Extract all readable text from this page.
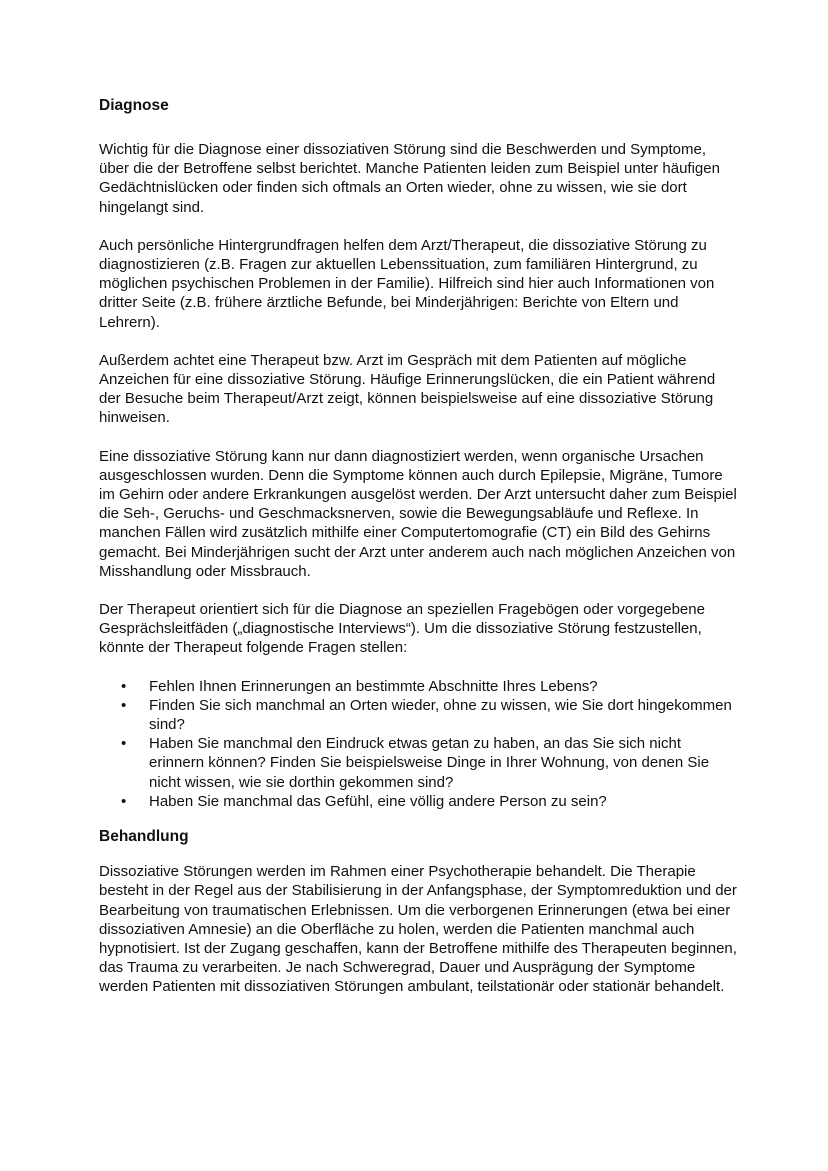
Diagnose

Wichtig für die Diagnose einer dissoziativen Störung sind die Beschwerden und Symptome, über die der Betroffene selbst berichtet. Manche Patienten leiden zum Beispiel unter häufigen Gedächtnislücken oder finden sich oftmals an Orten wieder, ohne zu wissen, wie sie dort hingelangt sind.

Auch persönliche Hintergrundfragen helfen dem Arzt/Therapeut, die dissoziative Störung zu diagnostizieren (z.B. Fragen zur aktuellen Lebenssituation, zum familiären Hintergrund, zu möglichen psychischen Problemen in der Familie). Hilfreich sind hier auch Informationen von dritter Seite (z.B. frühere ärztliche Befunde, bei Minderjährigen: Berichte von Eltern und Lehrern).

Außerdem achtet eine Therapeut bzw. Arzt im Gespräch mit dem Patienten auf mögliche Anzeichen für eine dissoziative Störung. Häufige Erinnerungslücken, die ein Patient während der Besuche beim Therapeut/Arzt zeigt, können beispielsweise auf eine dissoziative Störung hinweisen.

Eine dissoziative Störung kann nur dann diagnostiziert werden, wenn organische Ursachen ausgeschlossen wurden. Denn die Symptome können auch durch Epilepsie, Migräne, Tumore im Gehirn oder andere Erkrankungen ausgelöst werden. Der Arzt untersucht daher zum Beispiel die Seh-, Geruchs- und Geschmacksnerven, sowie die Bewegungsabläufe und Reflexe. In manchen Fällen wird zusätzlich mithilfe einer Computertomografie (CT) ein Bild des Gehirns gemacht. Bei Minderjährigen sucht der Arzt unter anderem auch nach möglichen Anzeichen von Misshandlung oder Missbrauch.

Der Therapeut orientiert sich für die Diagnose an speziellen Fragebögen oder vorgegebene Gesprächsleitfäden („diagnostische Interviews“). Um die dissoziative Störung festzustellen, könnte der Therapeut folgende Fragen stellen:

• Fehlen Ihnen Erinnerungen an bestimmte Abschnitte Ihres Lebens?
• Finden Sie sich manchmal an Orten wieder, ohne zu wissen, wie Sie dort hingekommen sind?
• Haben Sie manchmal den Eindruck etwas getan zu haben, an das Sie sich nicht erinnern können? Finden Sie beispielsweise Dinge in Ihrer Wohnung, von denen Sie nicht wissen, wie sie dorthin gekommen sind?
• Haben Sie manchmal das Gefühl, eine völlig andere Person zu sein?
Behandlung

Dissoziative Störungen werden im Rahmen einer Psychotherapie behandelt. Die Therapie besteht in der Regel aus der Stabilisierung in der Anfangsphase, der Symptomreduktion und der Bearbeitung von traumatischen Erlebnissen. Um die verborgenen Erinnerungen (etwa bei einer dissoziativen Amnesie) an die Oberfläche zu holen, werden die Patienten manchmal auch hypnotisiert. Ist der Zugang geschaffen, kann der Betroffene mithilfe des Therapeuten beginnen, das Trauma zu verarbeiten. Je nach Schweregrad, Dauer und Ausprägung der Symptome werden Patienten mit dissoziativen Störungen ambulant, teilstationär oder stationär behandelt.
